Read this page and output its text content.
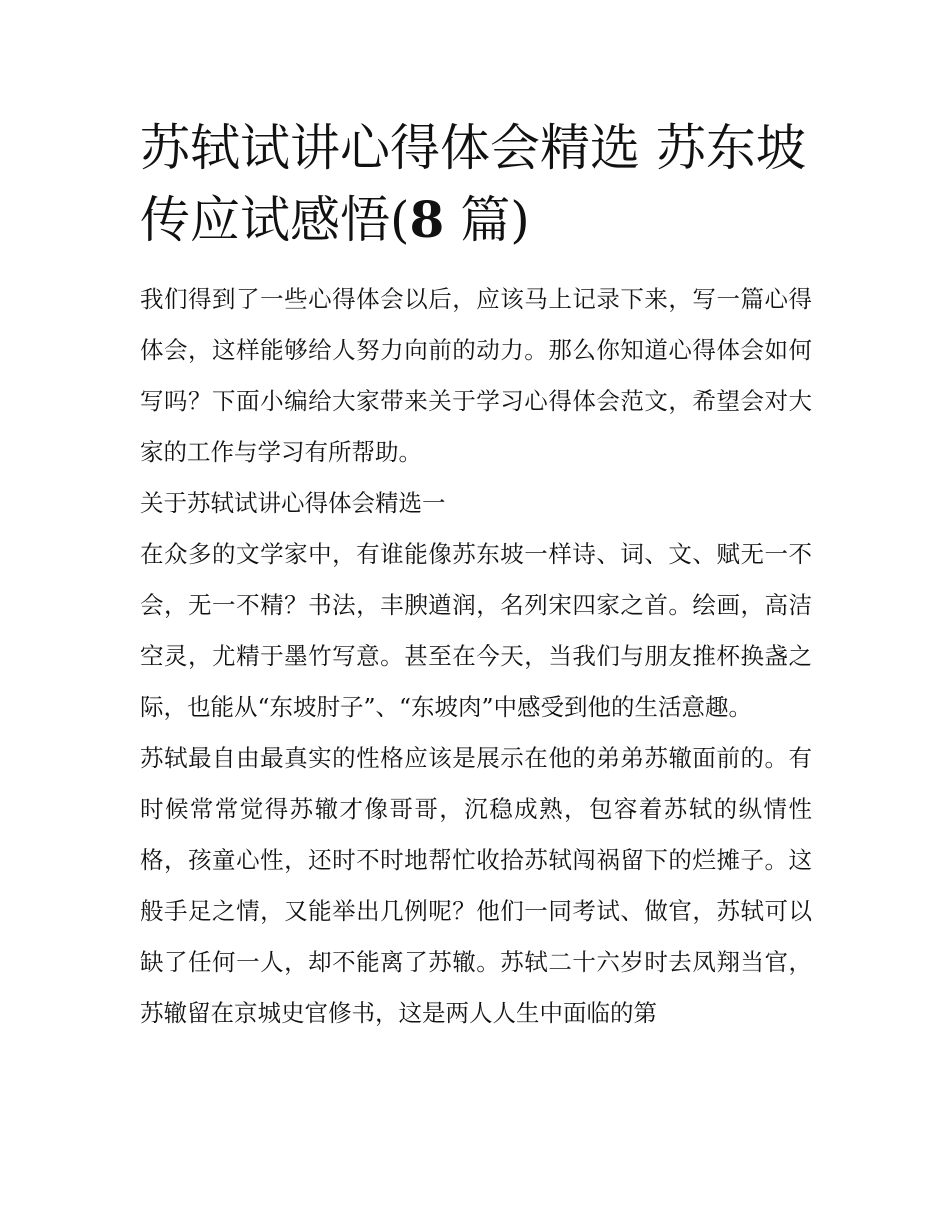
苏轼试讲心得体会精选 苏东坡
传应试感悟(8 篇)

我们得到了一些心得体会以后，应该马上记录下来，写一篇心得体会，这样能够给人努力向前的动力。那么你知道心得体会如何写吗？下面小编给大家带来关于学习心得体会范文，希望会对大家的工作与学习有所帮助。

关于苏轼试讲心得体会精选一

在众多的文学家中，有谁能像苏东坡一样诗、词、文、赋无一不会，无一不精？书法，丰腴遒润，名列宋四家之首。绘画，高洁空灵，尤精于墨竹写意。甚至在今天，当我们与朋友推杯换盏之际，也能从“东坡肘子”、“东坡肉”中感受到他的生活意趣。

苏轼最自由最真实的性格应该是展示在他的弟弟苏辙面前的。有时候常常觉得苏辙才像哥哥，沉稳成熟，包容着苏轼的纵情性格，孩童心性，还时不时地帮忙收拾苏轼闯祸留下的烂摊子。这般手足之情，又能举出几例呢？他们一同考试、做官，苏轼可以缺了任何一人，却不能离了苏辙。苏轼二十六岁时去凤翔当官，苏辙留在京城史官修书，这是两人人生中面临的第
